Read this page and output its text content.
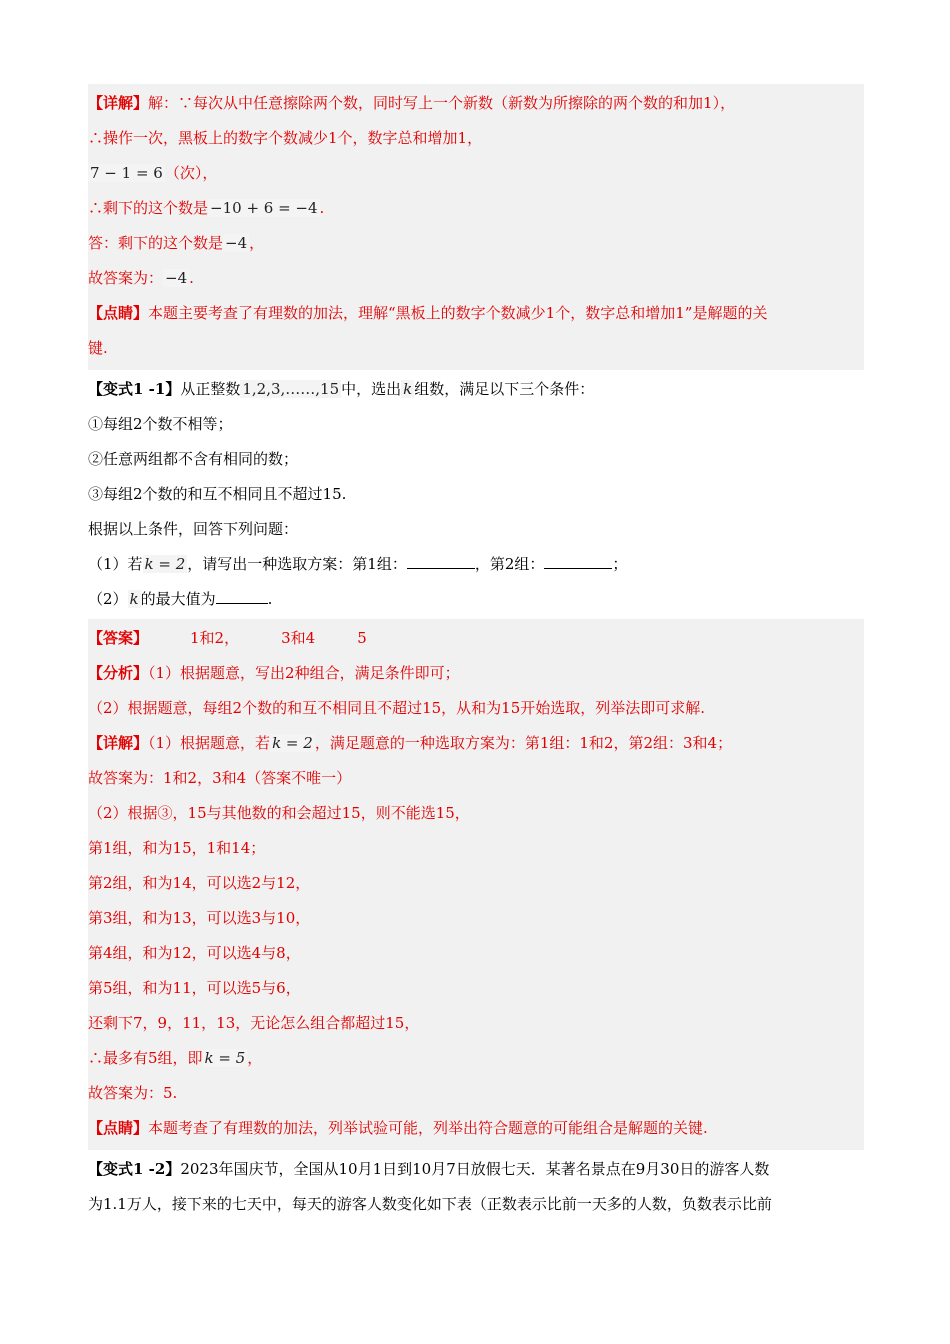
【详解】解：∵每次从中任意擦除两个数，同时写上一个新数（新数为所擦除的两个数的和加1），
∴操作一次，黑板上的数字个数减少1个，数字总和增加1，
7 − 1 = 6 （次），
∴剩下的这个数是 −10 + 6 = −4 .
答：剩下的这个数是 −4 ，
故答案为： −4 .
【点睛】本题主要考查了有理数的加法，理解“黑板上的数字个数减少1个，数字总和增加1”是解题的关
键.
【变式1 -1】从正整数 1,2,3,……,15 中，选出 k 组数，满足以下三个条件：
①每组2个数不相等；
②任意两组都不含有相同的数；
③每组2个数的和互不相同且不超过15.
根据以上条件，回答下列问题：
（1）若 k = 2 ，请写出一种选取方案：第1组：	，第2组：	；
（2） k 的最大值为	.
【答案】	1和2，	3和4	5
【分析】（1）根据题意，写出2种组合，满足条件即可；
（2）根据题意，每组2个数的和互不相同且不超过15，从和为15开始选取，列举法即可求解.
【详解】（1）根据题意，若 k = 2 ，满足题意的一种选取方案为：第1组：1和2，第2组：3和4；
故答案为：1和2，3和4（答案不唯一）
（2）根据③，15与其他数的和会超过15，则不能选15，
第1组，和为15，1和14；
第2组，和为14，可以选2与12，
第3组，和为13，可以选3与10，
第4组，和为12，可以选4与8，
第5组，和为11，可以选5与6，
还剩下7，9，11，13，无论怎么组合都超过15，
∴最多有5组，即 k = 5 ，
故答案为：5.
【点睛】本题考查了有理数的加法，列举试验可能，列举出符合题意的可能组合是解题的关键.
【变式1 -2】2023年国庆节，全国从10月1日到10月7日放假七天．某著名景点在9月30日的游客人数
为1.1万人，接下来的七天中，每天的游客人数变化如下表（正数表示比前一天多的人数，负数表示比前
